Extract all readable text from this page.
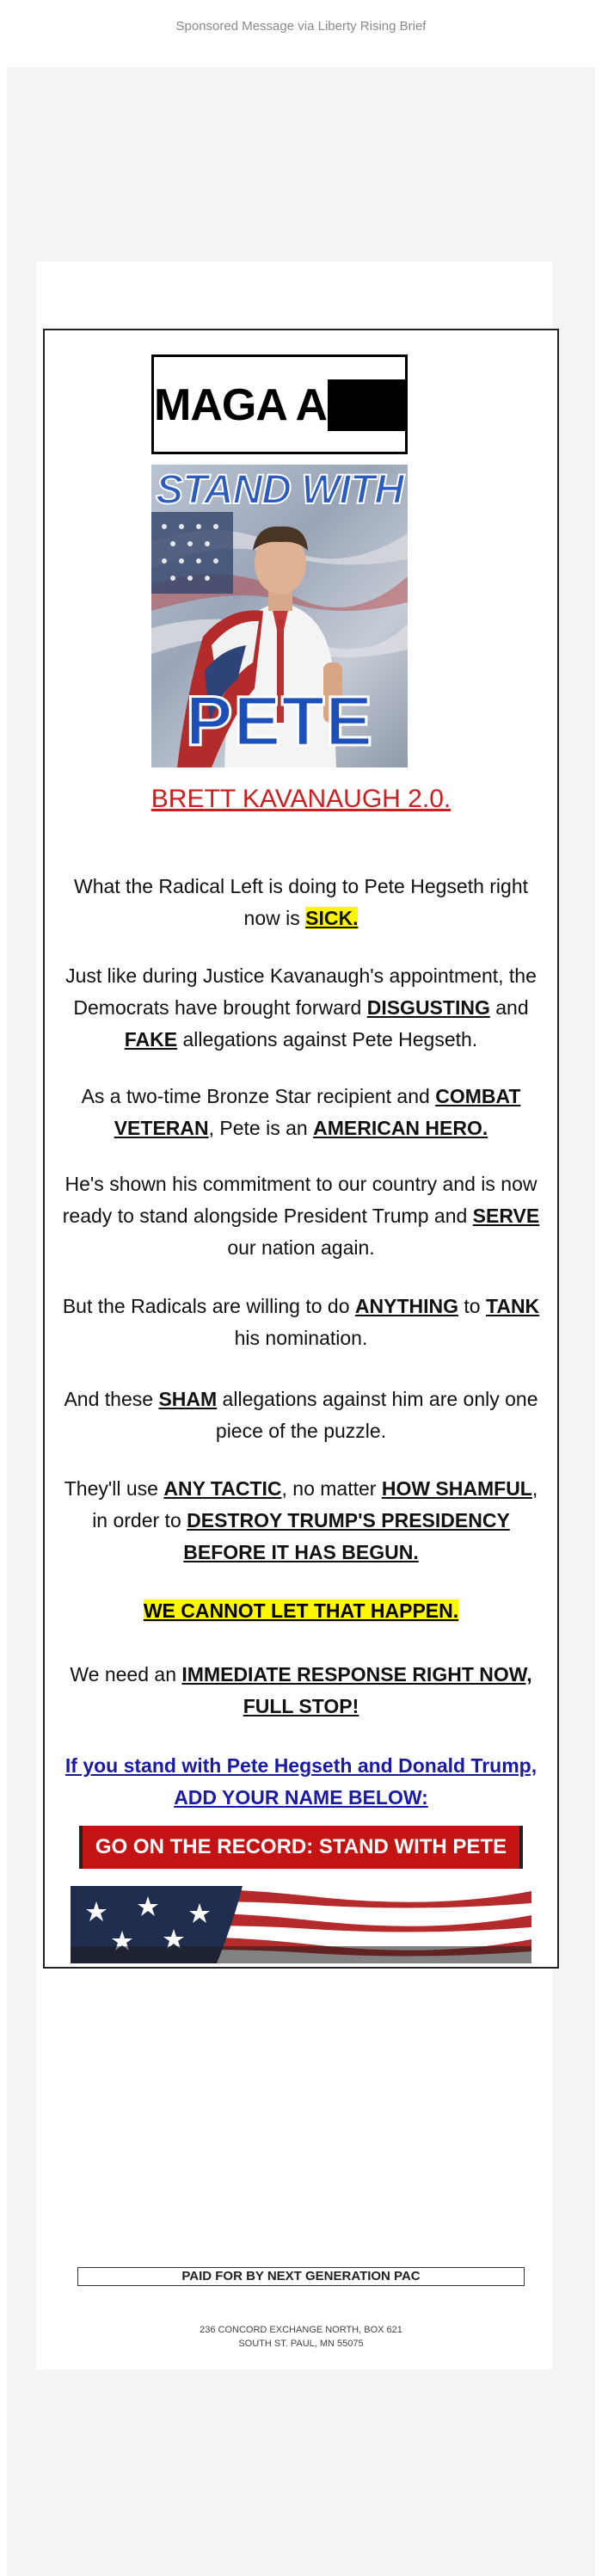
Sponsored Message via Liberty Rising Brief
MAGA A
STAND WITH
PETE
BRETT KAVANAUGH 2.0.
What the Radical Left is doing to Pete Hegseth right now is SICK.
Just like during Justice Kavanaugh's appointment, the Democrats have brought forward DISGUSTING and FAKE allegations against Pete Hegseth.
As a two-time Bronze Star recipient and COMBAT VETERAN, Pete is an AMERICAN HERO.
He's shown his commitment to our country and is now ready to stand alongside President Trump and SERVE our nation again.
But the Radicals are willing to do ANYTHING to TANK his nomination.
And these SHAM allegations against him are only one piece of the puzzle.
They'll use ANY TACTIC, no matter HOW SHAMFUL, in order to DESTROY TRUMP'S PRESIDENCY BEFORE IT HAS BEGUN.
WE CANNOT LET THAT HAPPEN.
We need an IMMEDIATE RESPONSE RIGHT NOW, FULL STOP!
If you stand with Pete Hegseth and Donald Trump, ADD YOUR NAME BELOW:
GO ON THE RECORD: STAND WITH PETE
PAID FOR BY NEXT GENERATION PAC
236 CONCORD EXCHANGE NORTH, BOX 621
SOUTH ST. PAUL, MN 55075
